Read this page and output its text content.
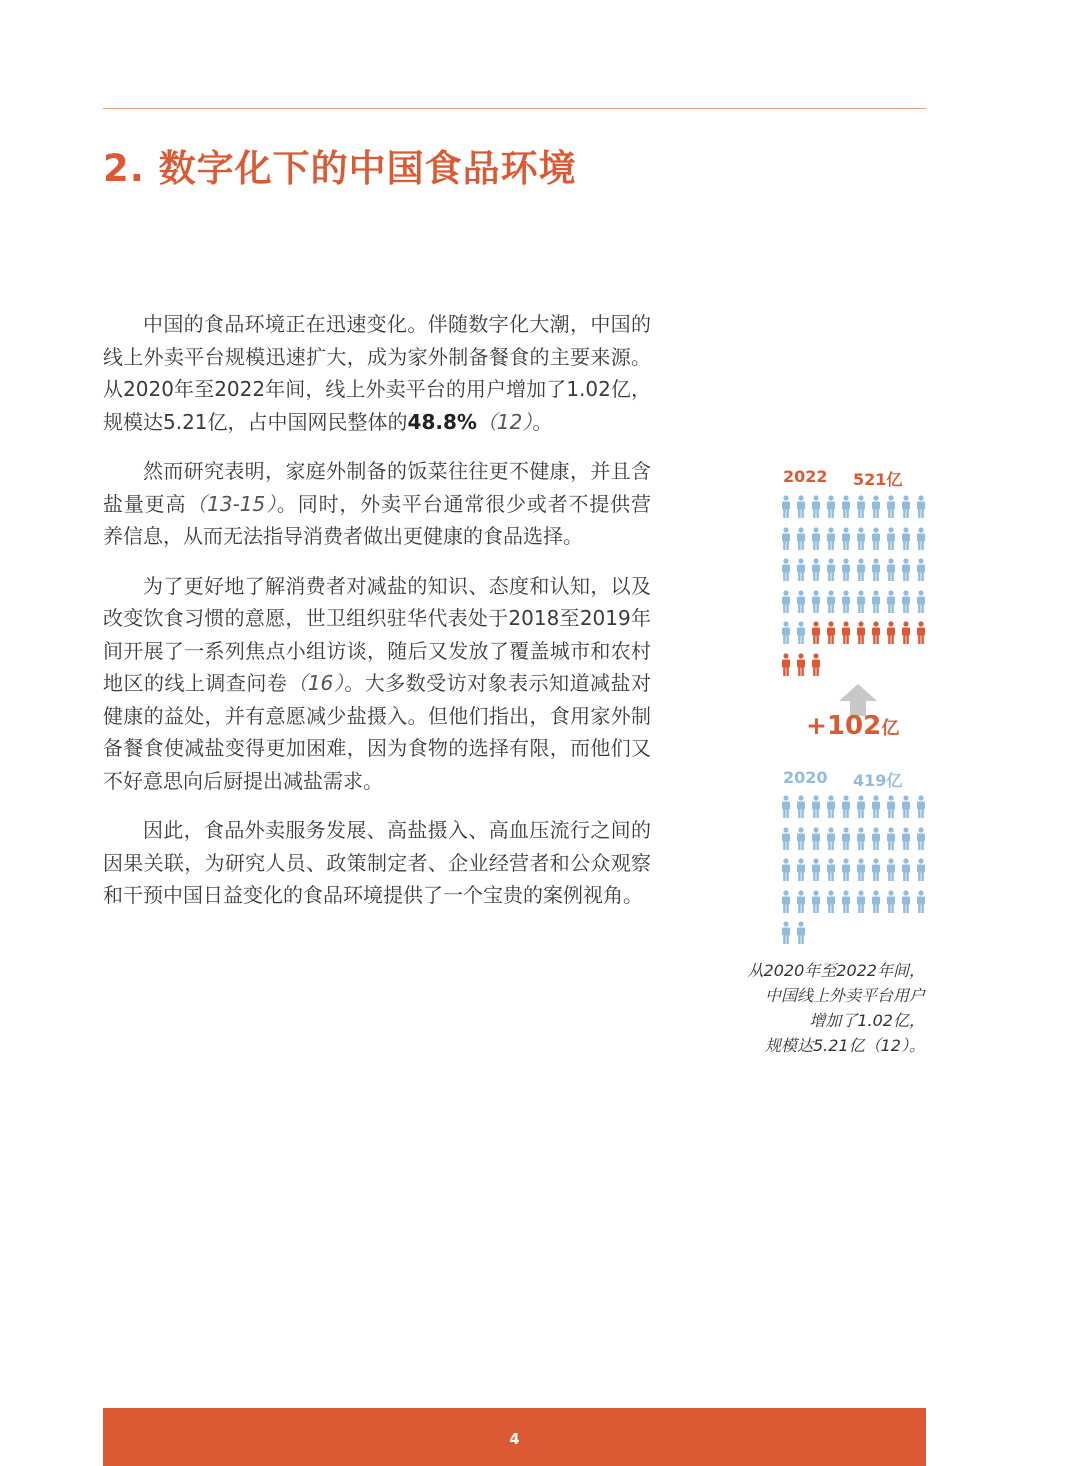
2. 数字化下的中国食品环境

中国的食品环境正在迅速变化。伴随数字化大潮，中国的线上外卖平台规模迅速扩大，成为家外制备餐食的主要来源。从2020年至2022年间，线上外卖平台的用户增加了1.02亿，规模达5.21亿，占中国网民整体的48.8%（12）。

然而研究表明，家庭外制备的饭菜往往更不健康，并且含盐量更高（13-15）。同时，外卖平台通常很少或者不提供营养信息，从而无法指导消费者做出更健康的食品选择。

为了更好地了解消费者对减盐的知识、态度和认知，以及改变饮食习惯的意愿，世卫组织驻华代表处于2018至2019年间开展了一系列焦点小组访谈，随后又发放了覆盖城市和农村地区的线上调查问卷（16）。大多数受访对象表示知道减盐对健康的益处，并有意愿减少盐摄入。但他们指出，食用家外制备餐食使减盐变得更加困难，因为食物的选择有限，而他们又不好意思向后厨提出减盐需求。

因此，食品外卖服务发展、高盐摄入、高血压流行之间的因果关联，为研究人员、政策制定者、企业经营者和公众观察和干预中国日益变化的食品环境提供了一个宝贵的案例视角。

2022 521亿
+102亿
2020 419亿
从2020年至2022年间，
中国线上外卖平台用户
增加了1.02亿，
规模达5.21亿（12）。
4
